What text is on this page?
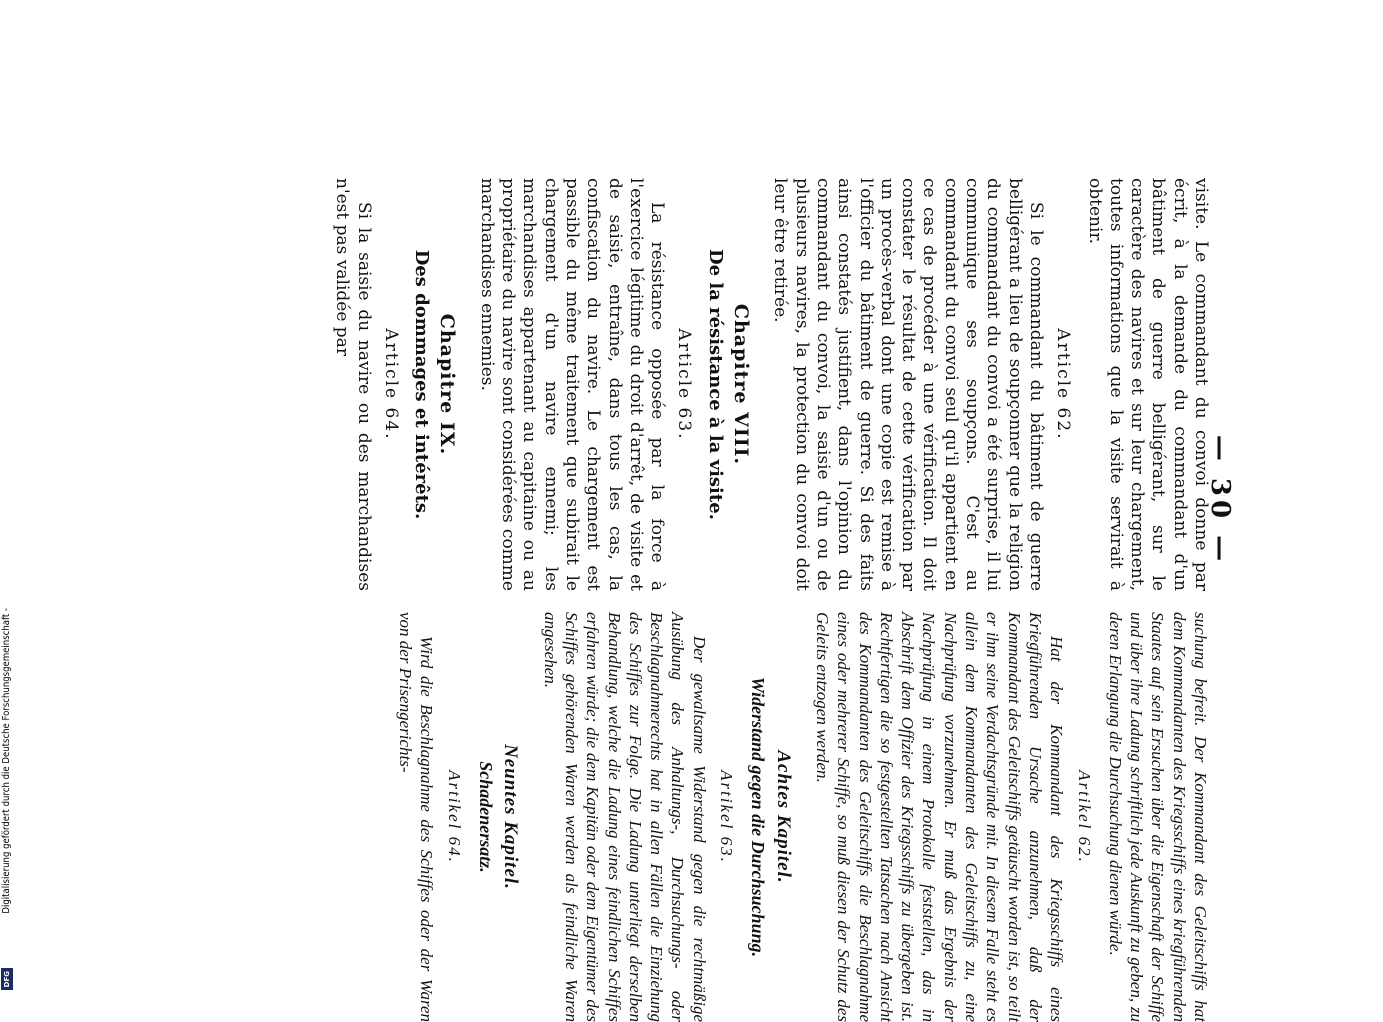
Digitalisierung gefördert durch die Deutsche Forschungsgemeinschaft -
DFG
— 30 —

visite. Le commandant du convoi donne par écrit, à la demande du commandant d'un bâtiment de guerre belligérant, sur le caractère des navires et sur leur chargement, toutes informations que la visite servirait à obtenir.

Article 62.

Si le commandant du bâtiment de guerre belligérant a lieu de soupçonner que la religion du commandant du convoi a été surprise, il lui communique ses soupçons. C'est au commandant du convoi seul qu'il appartient en ce cas de procéder à une vérification. Il doit constater le résultat de cette vérification par un procès-verbal dont une copie est remise à l'officier du bâtiment de guerre. Si des faits ainsi constatés justifient, dans l'opinion du commandant du convoi, la saisie d'un ou de plusieurs navires, la protection du convoi doit leur être retirée.

Chapitre VIII.
De la résistance à la visite.
Article 63.

La résistance opposée par la force à l'exercice légitime du droit d'arrêt, de visite et de saisie, entraîne, dans tous les cas, la confiscation du navire. Le chargement est passible du même traitement que subirait le chargement d'un navire ennemi; les marchandises appartenant au capitaine ou au propriétaire du navire sont considérées comme marchandises ennemies.

Chapitre IX.
Des dommages et intérêts.
Article 64.

Si la saisie du navire ou des marchandises n'est pas validée par

suchung befreit. Der Kommandant des Geleitschiffs hat dem Kommandanten des Kriegsschiffs eines kriegführenden Staates auf sein Ersuchen über die Eigenschaft der Schiffe und über ihre Ladung schriftlich jede Auskunft zu geben, zu deren Erlangung die Durchsuchung dienen würde.

Artikel 62.

Hat der Kommandant des Kriegsschiffs eines Kriegführenden Ursache anzunehmen, daß der Kommandant des Geleitschiffs getäuscht worden ist, so teilt er ihm seine Verdachtsgründe mit. In diesem Falle steht es allein dem Kommandanten des Geleitschiffs zu, eine Nachprüfung vorzunehmen. Er muß das Ergebnis der Nachprüfung in einem Protokolle feststellen, das in Abschrift dem Offizier des Kriegsschiffs zu übergeben ist. Rechtfertigen die so festgestellten Tatsachen nach Ansicht des Kommandanten des Geleitschiffs die Beschlagnahme eines oder mehrerer Schiffe, so muß diesen der Schutz des Geleits entzogen werden.

Achtes Kapitel.
Widerstand gegen die Durchsuchung.
Artikel 63.

Der gewaltsame Widerstand gegen die rechtmäßige Ausübung des Anhaltungs-, Durchsuchungs- oder Beschlagnahmerechts hat in allen Fällen die Einziehung des Schiffes zur Folge. Die Ladung unterliegt derselben Behandlung, welche die Ladung eines feindlichen Schiffes erfahren würde; die dem Kapitän oder dem Eigentümer des Schiffes gehörenden Waren werden als feindliche Waren angesehen.

Neuntes Kapitel.
Schadenersatz.
Artikel 64.

Wird die Beschlagnahme des Schiffes oder der Waren von der Prisengerichts-
